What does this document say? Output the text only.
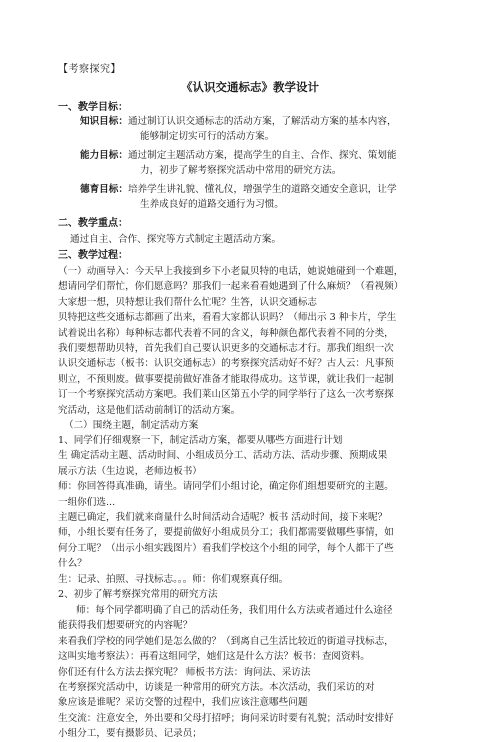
【考察探究】
《认识交通标志》教学设计
一、教学目标：
知识目标：通过制订认识交通标志的活动方案，了解活动方案的基本内容，
能够制定切实可行的活动方案。
能力目标：通过制定主题活动方案，提高学生的自主、合作、探究、策划能
力，初步了解考察探究活动中常用的研究方法。
德育目标：培养学生讲礼貌、懂礼仪，增强学生的道路交通安全意识，让学
生养成良好的道路交通行为习惯。
二、教学重点：
通过自主、合作、探究等方式制定主题活动方案。
三、教学过程：
（一）动画导入：今天早上我接到乡下小老鼠贝特的电话，她说她碰到一个难题，
想请同学们帮忙，你们愿意吗？那我们一起来看看她遇到了什么麻烦？（看视频）
大家想一想，贝特想让我们帮什么忙呢？生答，认识交通标志
贝特把这些交通标志都画了出来，看看大家都认识吗？（师出示 3 种卡片，学生
试着说出名称）每种标志都代表着不同的含义，每种颜色都代表着不同的分类，
我们要想帮助贝特，首先我们自己要认识更多的交通标志才行。那我们组织一次
认识交通标志（板书：认识交通标志）的考察探究活动好不好？古人云：凡事预
则立，不预则废。做事要提前做好准备才能取得成功。这节课，就让我们一起制
订一个考察探究活动方案吧。我们莱山区第五小学的同学举行了这么一次考察探
究活动，这是他们活动前制订的活动方案。
（二）围绕主题，制定活动方案
1、同学们仔细观察一下，制定活动方案，都要从哪些方面进行计划
生 确定活动主题、活动时间、小组成员分工、活动方法、活动步骤、预期成果
展示方法（生边说，老师边板书）
师：你回答得真准确，请坐。请同学们小组讨论，确定你们组想要研究的主题。
一组你们选...
主题已确定，我们就来商量什么时间活动合适呢？板书 活动时间，接下来呢？
师，小组长要有任务了，要提前做好小组成员分工；我们都需要做哪些事情，如
何分工呢？（出示小组实践图片）看我们学校这个小组的同学，每个人都干了些
什么？
生：记录、拍照、寻找标志。。。师：你们观察真仔细。
2、初步了解考察探究常用的研究方法
师：每个同学都明确了自己的活动任务，我们用什么方法或者通过什么途径
能获得我们想要研究的内容呢？
来看我们学校的同学她们是怎么做的？（到离自己生活比较近的街道寻找标志，
这叫实地考察法）：再看这组同学，她们这是什么方法？板书：查阅资料。
你们还有什么方法去探究呢？ 师板书方法：询问法、采访法
在考察探究活动中，访谈是一种常用的研究方法。本次活动，我们采访的对
象应该是谁呢？采访交警的过程中，我们应该注意哪些问题
生交流：注意安全，外出要和父母打招呼；询问采访时要有礼貌；活动时安排好
小组分工，要有摄影员、记录员；
